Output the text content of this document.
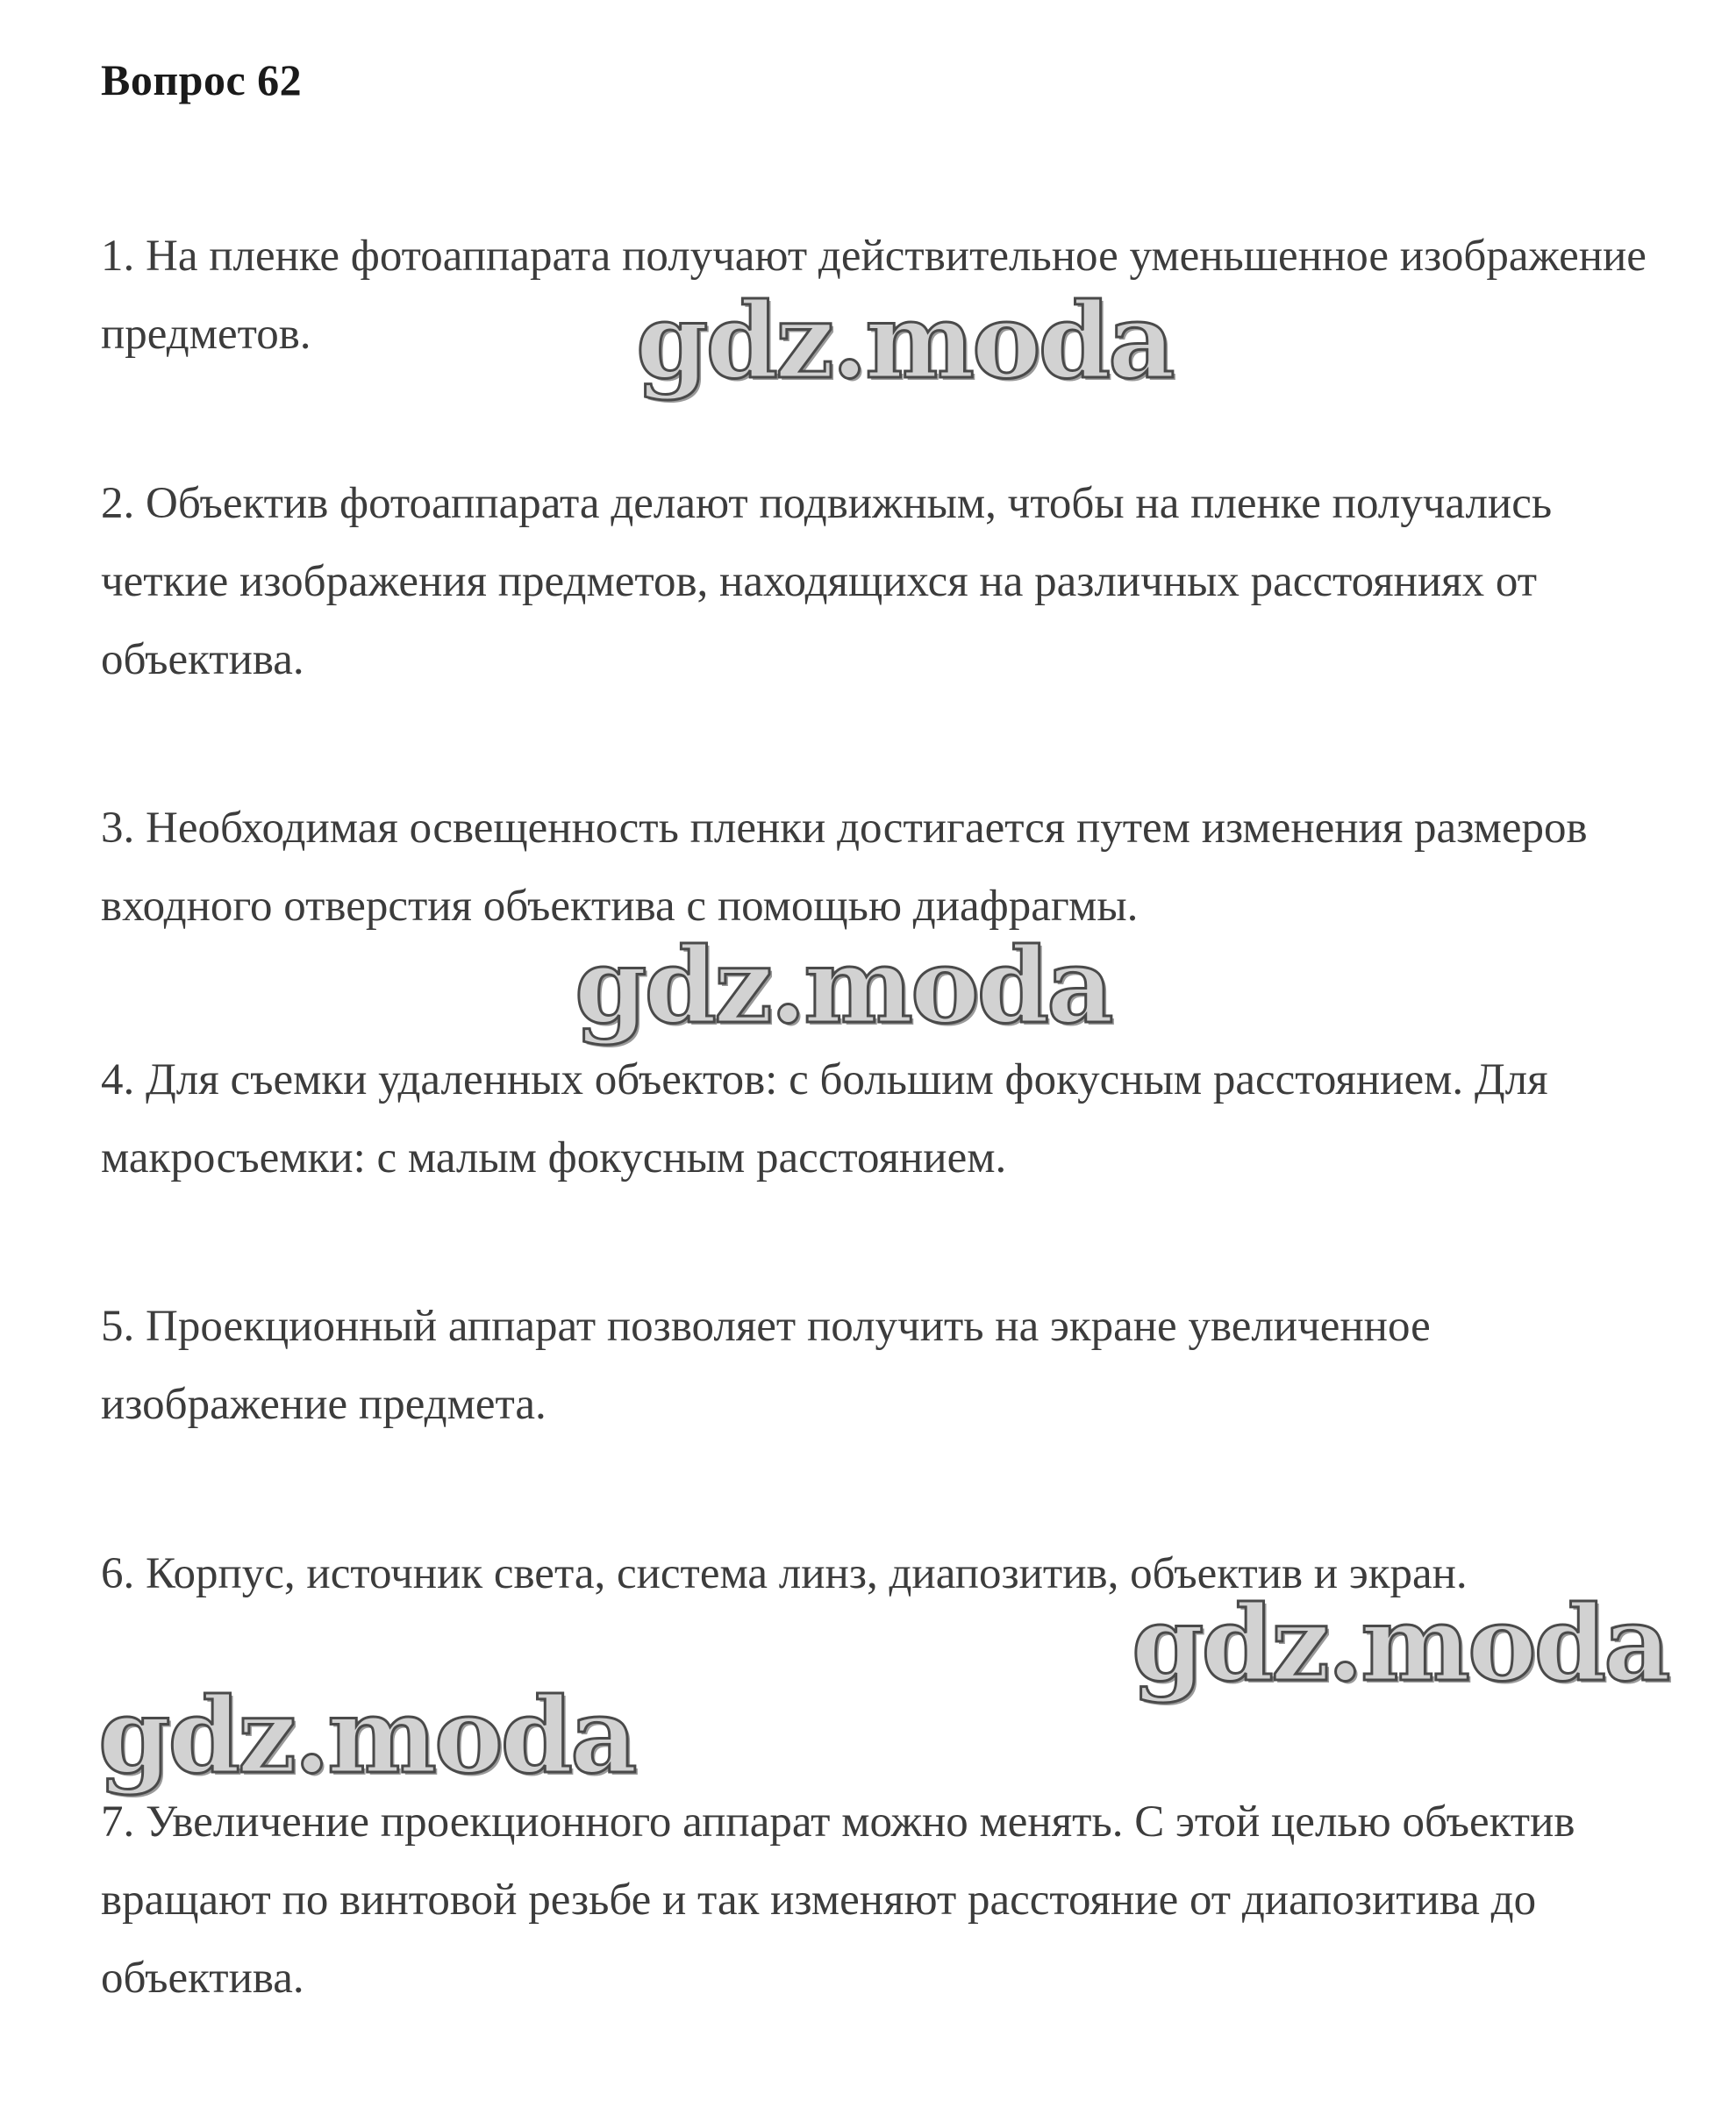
Вопрос 62
1. На пленке фотоаппарата получают действительное уменьшенное изображение предметов.
2. Объектив фотоаппарата делают подвижным, чтобы на пленке получались четкие изображения предметов, находящихся на различных расстояниях от объектива.
3. Необходимая освещенность пленки достигается путем изменения размеров входного отверстия объектива с помощью диафрагмы.
4. Для съемки удаленных объектов: с большим фокусным расстоянием. Для макросъемки: с малым фокусным расстоянием.
5. Проекционный аппарат позволяет получить на экране увеличенное изображение предмета.
6. Корпус, источник света, система линз, диапозитив, объектив и экран.
7. Увеличение проекционного аппарат можно менять. С этой целью объектив вращают по винтовой резьбе и так изменяют расстояние от диапозитива до объектива.
gdz.moda
gdz.moda
gdz.moda
gdz.moda
